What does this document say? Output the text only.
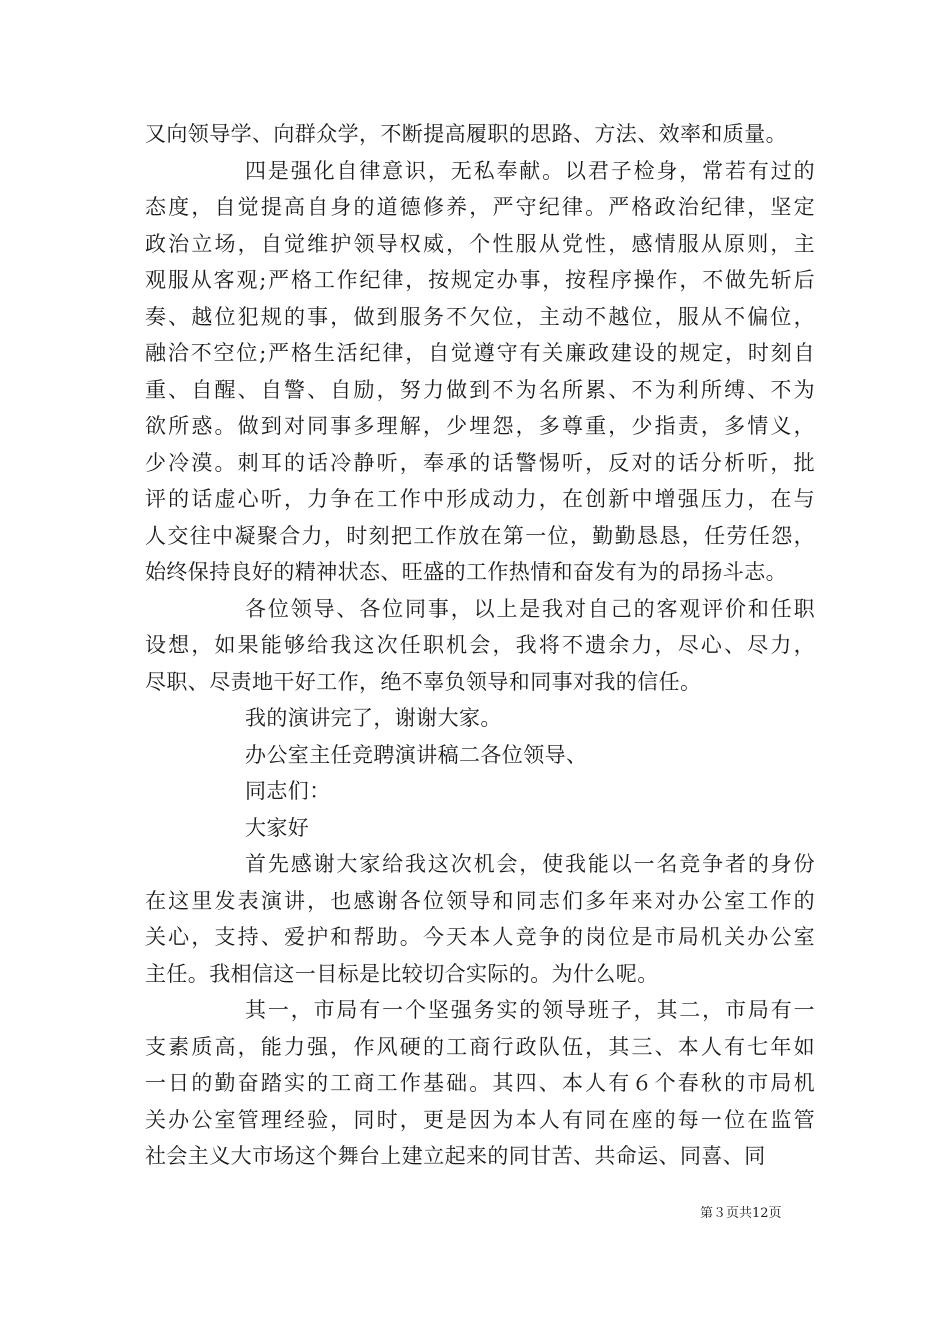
又向领导学、向群众学，不断提高履职的思路、方法、效率和质量。
四是强化自律意识，无私奉献。以君子检身，常若有过的
态度，自觉提高自身的道德修养，严守纪律。严格政治纪律，坚定
政治立场，自觉维护领导权威，个性服从党性，感情服从原则，主
观服从客观;严格工作纪律，按规定办事，按程序操作，不做先斩后
奏、越位犯规的事，做到服务不欠位，主动不越位，服从不偏位，
融洽不空位;严格生活纪律，自觉遵守有关廉政建设的规定，时刻自
重、自醒、自警、自励，努力做到不为名所累、不为利所缚、不为
欲所惑。做到对同事多理解，少埋怨，多尊重，少指责，多情义，
少冷漠。刺耳的话冷静听，奉承的话警惕听，反对的话分析听，批
评的话虚心听，力争在工作中形成动力，在创新中增强压力，在与
人交往中凝聚合力，时刻把工作放在第一位，勤勤恳恳，任劳任怨，
始终保持良好的精神状态、旺盛的工作热情和奋发有为的昂扬斗志。
各位领导、各位同事，以上是我对自己的客观评价和任职
设想，如果能够给我这次任职机会，我将不遗余力，尽心、尽力，
尽职、尽责地干好工作，绝不辜负领导和同事对我的信任。
我的演讲完了，谢谢大家。
办公室主任竞聘演讲稿二各位领导、
同志们：
大家好
首先感谢大家给我这次机会，使我能以一名竞争者的身份
在这里发表演讲，也感谢各位领导和同志们多年来对办公室工作的
关心，支持、爱护和帮助。今天本人竞争的岗位是市局机关办公室
主任。我相信这一目标是比较切合实际的。为什么呢。
其一，市局有一个坚强务实的领导班子，其二，市局有一
支素质高，能力强，作风硬的工商行政队伍，其三、本人有七年如
一日的勤奋踏实的工商工作基础。其四、本人有６个春秋的市局机
关办公室管理经验，同时，更是因为本人有同在座的每一位在监管
社会主义大市场这个舞台上建立起来的同甘苦、共命运、同喜、同
第３页共12页
